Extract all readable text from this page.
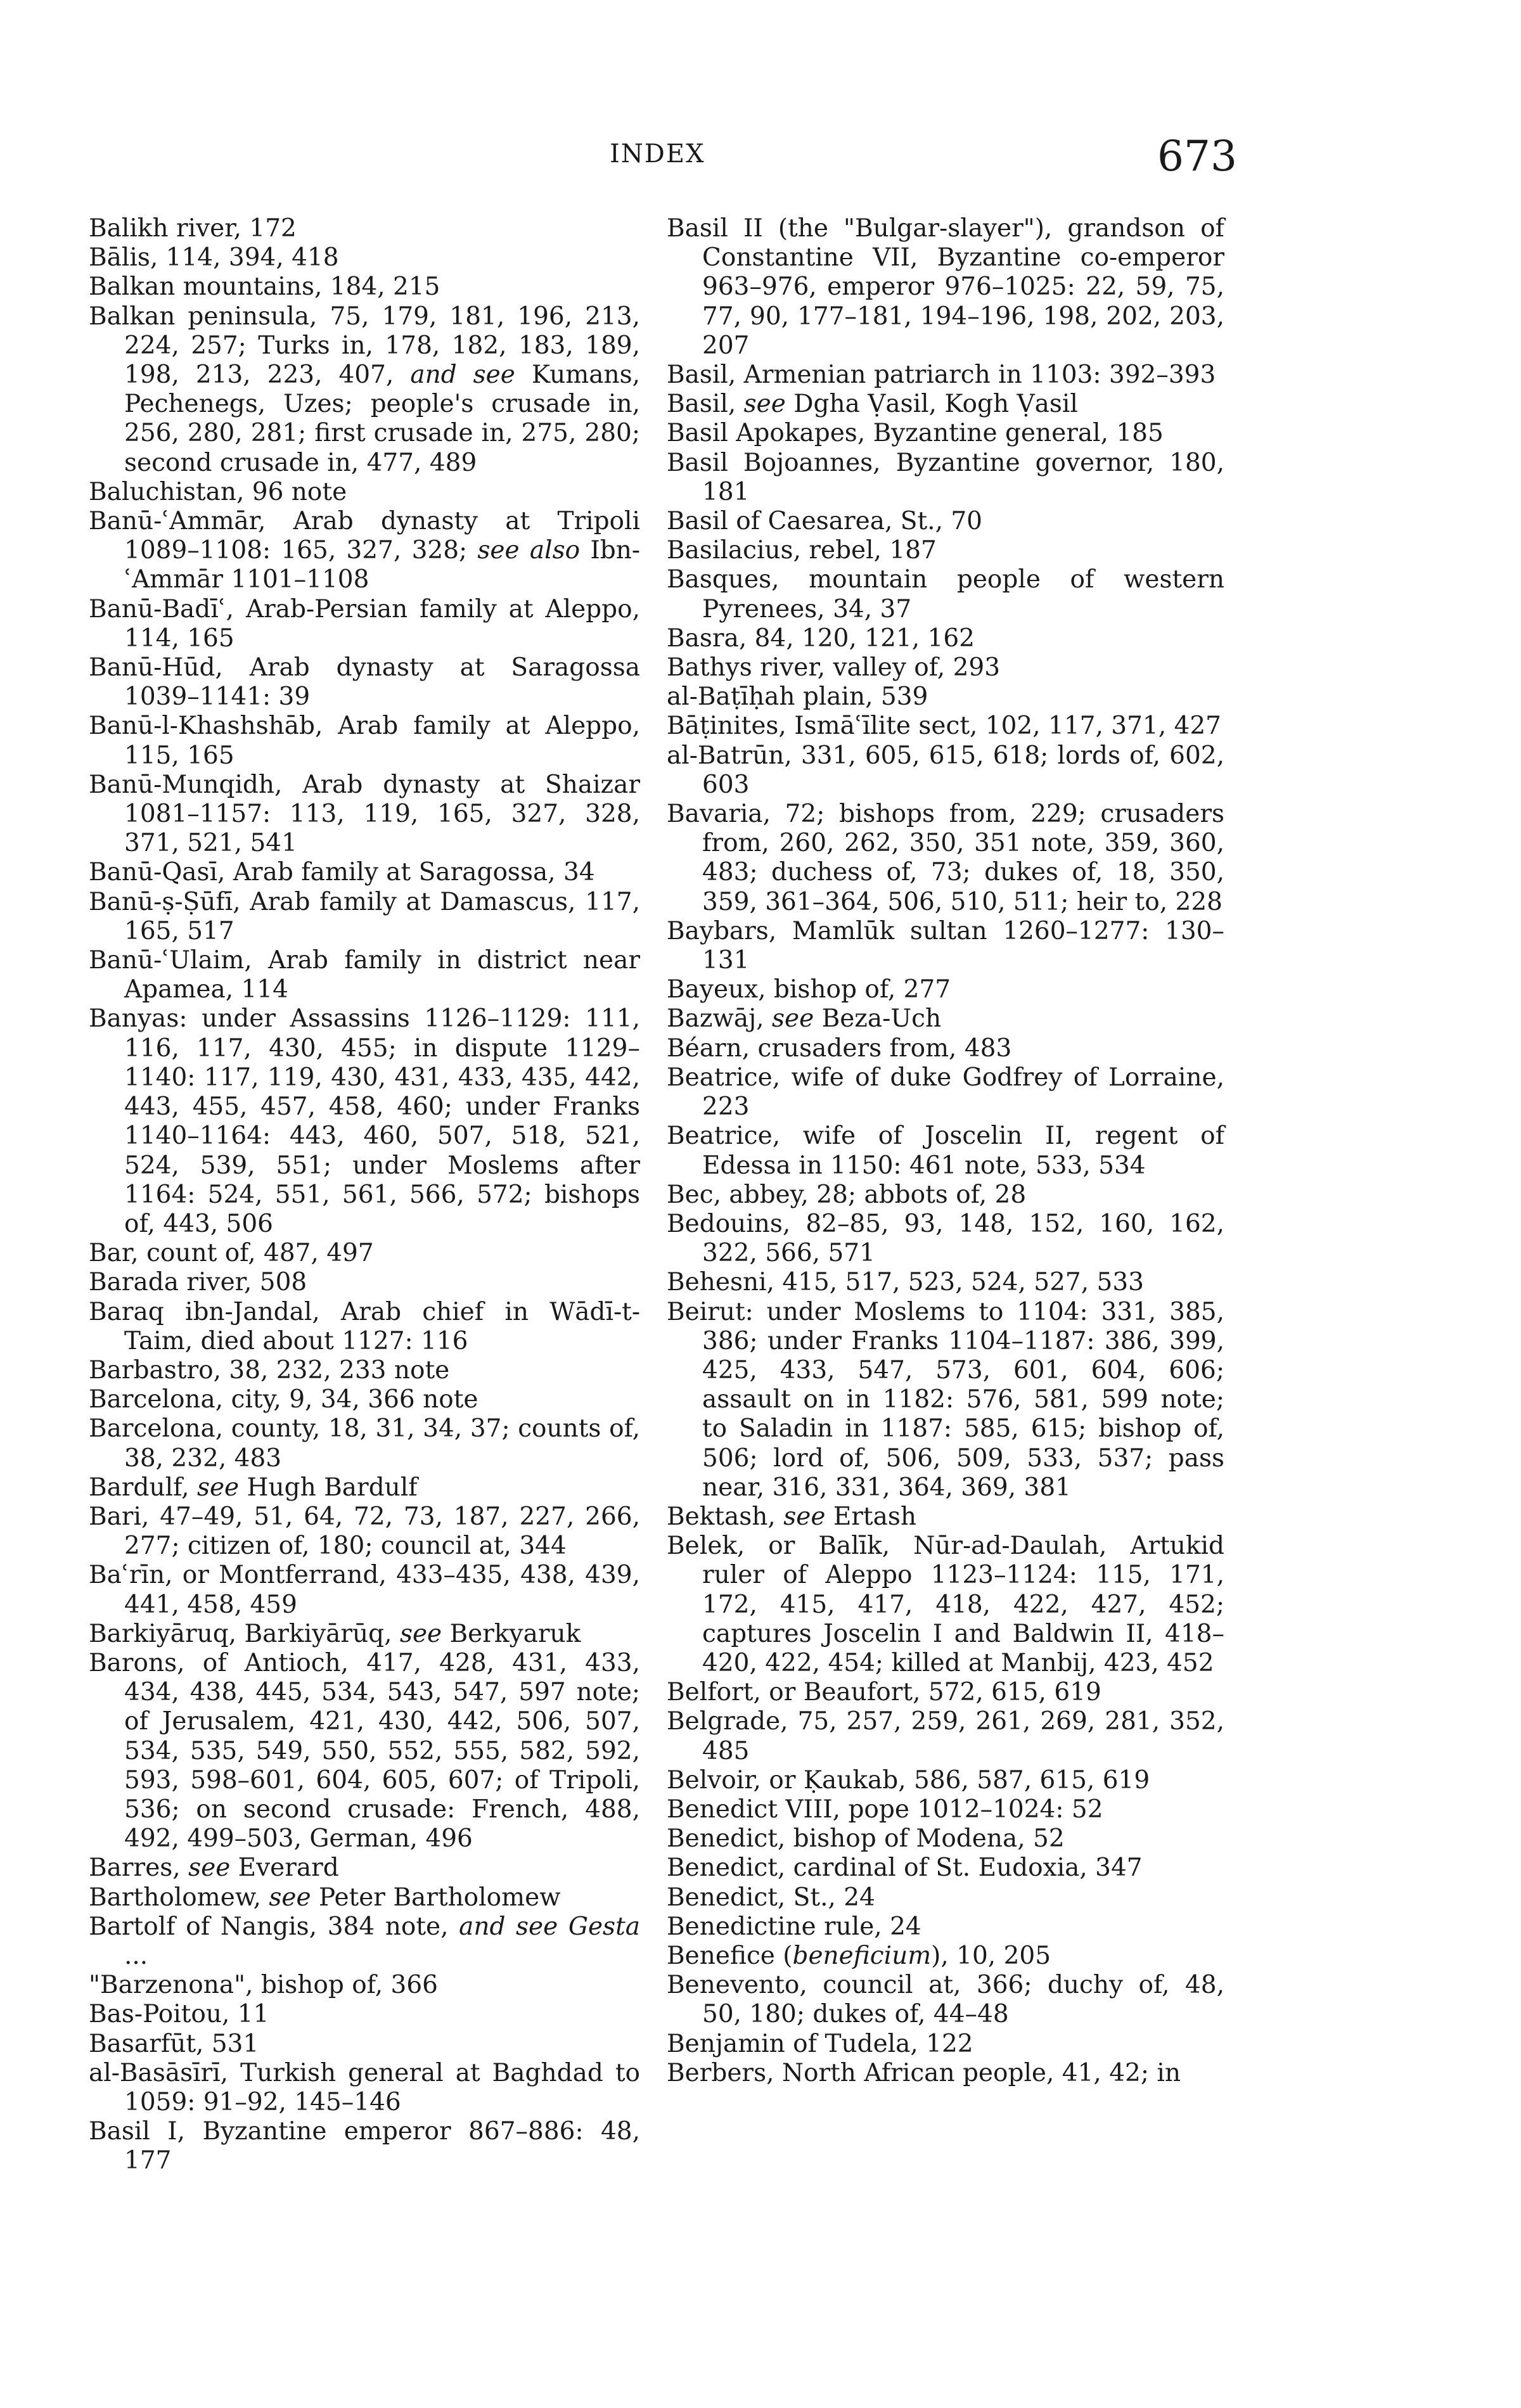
INDEX	673
Balikh river, 172
Bālis, 114, 394, 418
Balkan mountains, 184, 215
Balkan peninsula, 75, 179, 181, 196, 213, 224, 257; Turks in, 178, 182, 183, 189, 198, 213, 223, 407, and see Kumans, Pechenegs, Uzes; people's crusade in, 256, 280, 281; first crusade in, 275, 280; second crusade in, 477, 489
Baluchistan, 96 note
Banū-ʿAmmār, Arab dynasty at Tripoli 1089–1108: 165, 327, 328; see also Ibn-ʿAmmār 1101–1108
Banū-Badīʿ, Arab-Persian family at Aleppo, 114, 165
Banū-Hūd, Arab dynasty at Saragossa 1039–1141: 39
Banū-l-Khashshāb, Arab family at Aleppo, 115, 165
Banū-Munqidh, Arab dynasty at Shaizar 1081–1157: 113, 119, 165, 327, 328, 371, 521, 541
Banū-Qasī, Arab family at Saragossa, 34
Banū-ṣ-Ṣūfī, Arab family at Damascus, 117, 165, 517
Banū-ʿUlaim, Arab family in district near Apamea, 114
Banyas: under Assassins 1126–1129: 111, 116, 117, 430, 455; in dispute 1129–1140: 117, 119, 430, 431, 433, 435, 442, 443, 455, 457, 458, 460; under Franks 1140–1164: 443, 460, 507, 518, 521, 524, 539, 551; under Moslems after 1164: 524, 551, 561, 566, 572; bishops of, 443, 506
Bar, count of, 487, 497
Barada river, 508
Baraq ibn-Jandal, Arab chief in Wādī-t-Taim, died about 1127: 116
Barbastro, 38, 232, 233 note
Barcelona, city, 9, 34, 366 note
Barcelona, county, 18, 31, 34, 37; counts of, 38, 232, 483
Bardulf, see Hugh Bardulf
Bari, 47–49, 51, 64, 72, 73, 187, 227, 266, 277; citizen of, 180; council at, 344
Baʿrīn, or Montferrand, 433–435, 438, 439, 441, 458, 459
Barkiyāruq, Barkiyārūq, see Berkyaruk
Barons, of Antioch, 417, 428, 431, 433, 434, 438, 445, 534, 543, 547, 597 note; of Jerusalem, 421, 430, 442, 506, 507, 534, 535, 549, 550, 552, 555, 582, 592, 593, 598–601, 604, 605, 607; of Tripoli, 536; on second crusade: French, 488, 492, 499–503, German, 496
Barres, see Everard
Bartholomew, see Peter Bartholomew
Bartolf of Nangis, 384 note, and see Gesta ...
"Barzenona", bishop of, 366
Bas-Poitou, 11
Basarfūt, 531
al-Basāsīrī, Turkish general at Baghdad to 1059: 91–92, 145–146
Basil I, Byzantine emperor 867–886: 48, 177
Basil II (the "Bulgar-slayer"), grandson of Constantine VII, Byzantine co-emperor 963–976, emperor 976–1025: 22, 59, 75, 77, 90, 177–181, 194–196, 198, 202, 203, 207
Basil, Armenian patriarch in 1103: 392–393
Basil, see Dgha Ṿasil, Kogh Ṿasil
Basil Apokapes, Byzantine general, 185
Basil Bojoannes, Byzantine governor, 180, 181
Basil of Caesarea, St., 70
Basilacius, rebel, 187
Basques, mountain people of western Pyrenees, 34, 37
Basra, 84, 120, 121, 162
Bathys river, valley of, 293
al-Baṭīḥah plain, 539
Bāṭinites, Ismāʿīlite sect, 102, 117, 371, 427
al-Batrūn, 331, 605, 615, 618; lords of, 602, 603
Bavaria, 72; bishops from, 229; crusaders from, 260, 262, 350, 351 note, 359, 360, 483; duchess of, 73; dukes of, 18, 350, 359, 361–364, 506, 510, 511; heir to, 228
Baybars, Mamlūk sultan 1260–1277: 130–131
Bayeux, bishop of, 277
Bazwāj, see Beza-Uch
Béarn, crusaders from, 483
Beatrice, wife of duke Godfrey of Lorraine, 223
Beatrice, wife of Joscelin II, regent of Edessa in 1150: 461 note, 533, 534
Bec, abbey, 28; abbots of, 28
Bedouins, 82–85, 93, 148, 152, 160, 162, 322, 566, 571
Behesni, 415, 517, 523, 524, 527, 533
Beirut: under Moslems to 1104: 331, 385, 386; under Franks 1104–1187: 386, 399, 425, 433, 547, 573, 601, 604, 606; assault on in 1182: 576, 581, 599 note; to Saladin in 1187: 585, 615; bishop of, 506; lord of, 506, 509, 533, 537; pass near, 316, 331, 364, 369, 381
Bektash, see Ertash
Belek, or Balīk, Nūr-ad-Daulah, Artukid ruler of Aleppo 1123–1124: 115, 171, 172, 415, 417, 418, 422, 427, 452; captures Joscelin I and Baldwin II, 418–420, 422, 454; killed at Manbij, 423, 452
Belfort, or Beaufort, 572, 615, 619
Belgrade, 75, 257, 259, 261, 269, 281, 352, 485
Belvoir, or Ḳaukab, 586, 587, 615, 619
Benedict VIII, pope 1012–1024: 52
Benedict, bishop of Modena, 52
Benedict, cardinal of St. Eudoxia, 347
Benedict, St., 24
Benedictine rule, 24
Benefice (beneficium), 10, 205
Benevento, council at, 366; duchy of, 48, 50, 180; dukes of, 44–48
Benjamin of Tudela, 122
Berbers, North African people, 41, 42; in
